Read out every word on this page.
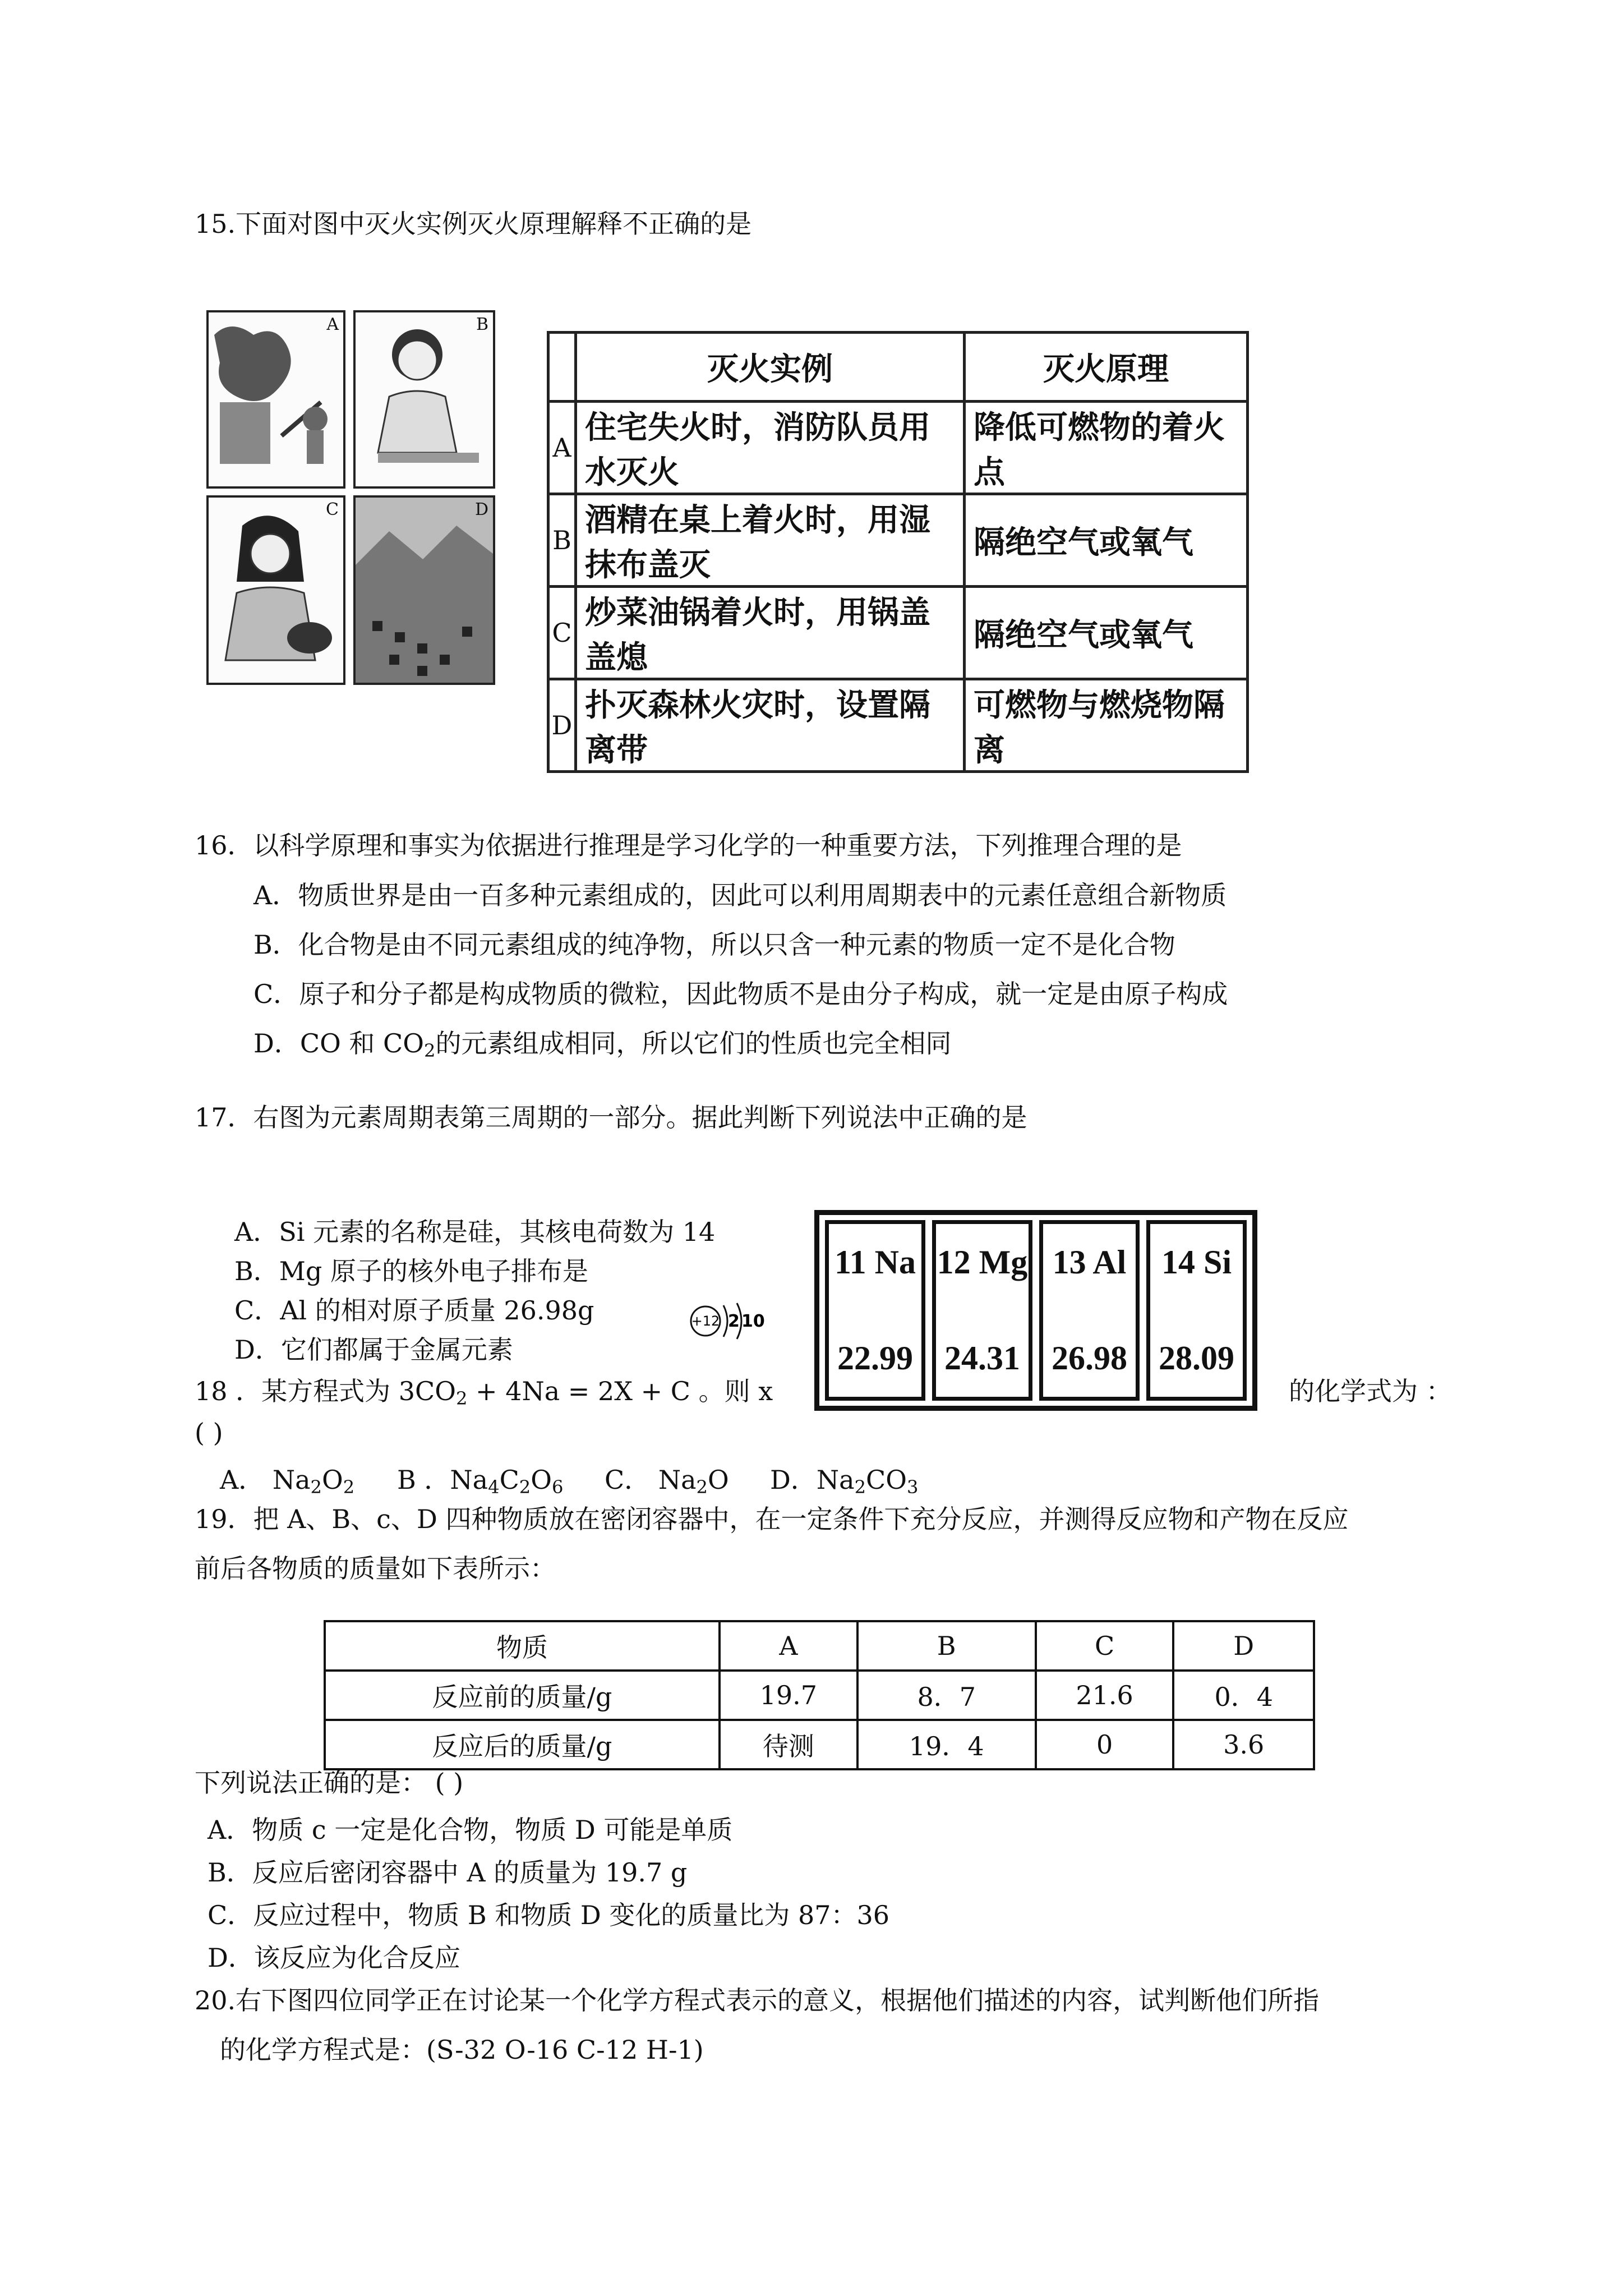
15.下面对图中灭火实例灭火原理解释不正确的是
A	B
C	D
	灭火实例	灭火原理
A	住宅失火时，消防队员用水灭火	降低可燃物的着火点
B	酒精在桌上着火时，用湿抹布盖灭	隔绝空气或氧气
C	炒菜油锅着火时，用锅盖盖熄	隔绝空气或氧气
D	扑灭森林火灾时，设置隔离带	可燃物与燃烧物隔离
16．以科学原理和事实为依据进行推理是学习化学的一种重要方法，下列推理合理的是
A．物质世界是由一百多种元素组成的，因此可以利用周期表中的元素任意组合新物质
B．化合物是由不同元素组成的纯净物，所以只含一种元素的物质一定不是化合物
C．原子和分子都是构成物质的微粒，因此物质不是由分子构成，就一定是由原子构成
D．CO 和 $CO_2$的元素组成相同，所以它们的性质也完全相同
17．右图为元素周期表第三周期的一部分。据此判断下列说法中正确的是
A．Si 元素的名称是硅，其核电荷数为 14
B．Mg 原子的核外电子排布是
C．Al 的相对原子质量 26.98g
D．它们都属于金属元素
+12 2 10
11 Na
22.99
12 Mg
24.31
13 Al
26.98
14 Si
28.09
18 ．某方程式为 $3CO_2 + 4Na = 2X + C$ 。则 x	的化学式为 ：
( )
A． $Na_2O_2$ B ．$Na_4C_2O_6$ C． $Na_2O$ D．$Na_2CO_3$
19．把 A、B、c、D 四种物质放在密闭容器中，在一定条件下充分反应，并测得反应物和产物在反应
前后各物质的质量如下表所示：
物质	A	B	C	D
反应前的质量/g	19.7	8．7	21.6	0．4
反应后的质量/g	待测	19．4	0	3.6
下列说法正确的是： ( )
A．物质 c 一定是化合物，物质 D 可能是单质
B．反应后密闭容器中 A 的质量为 19.7 g
C．反应过程中，物质 B 和物质 D 变化的质量比为 87：36
D．该反应为化合反应
20.右下图四位同学正在讨论某一个化学方程式表示的意义，根据他们描述的内容，试判断他们所指
的化学方程式是：(S-32 O-16 C-12 H-1)
